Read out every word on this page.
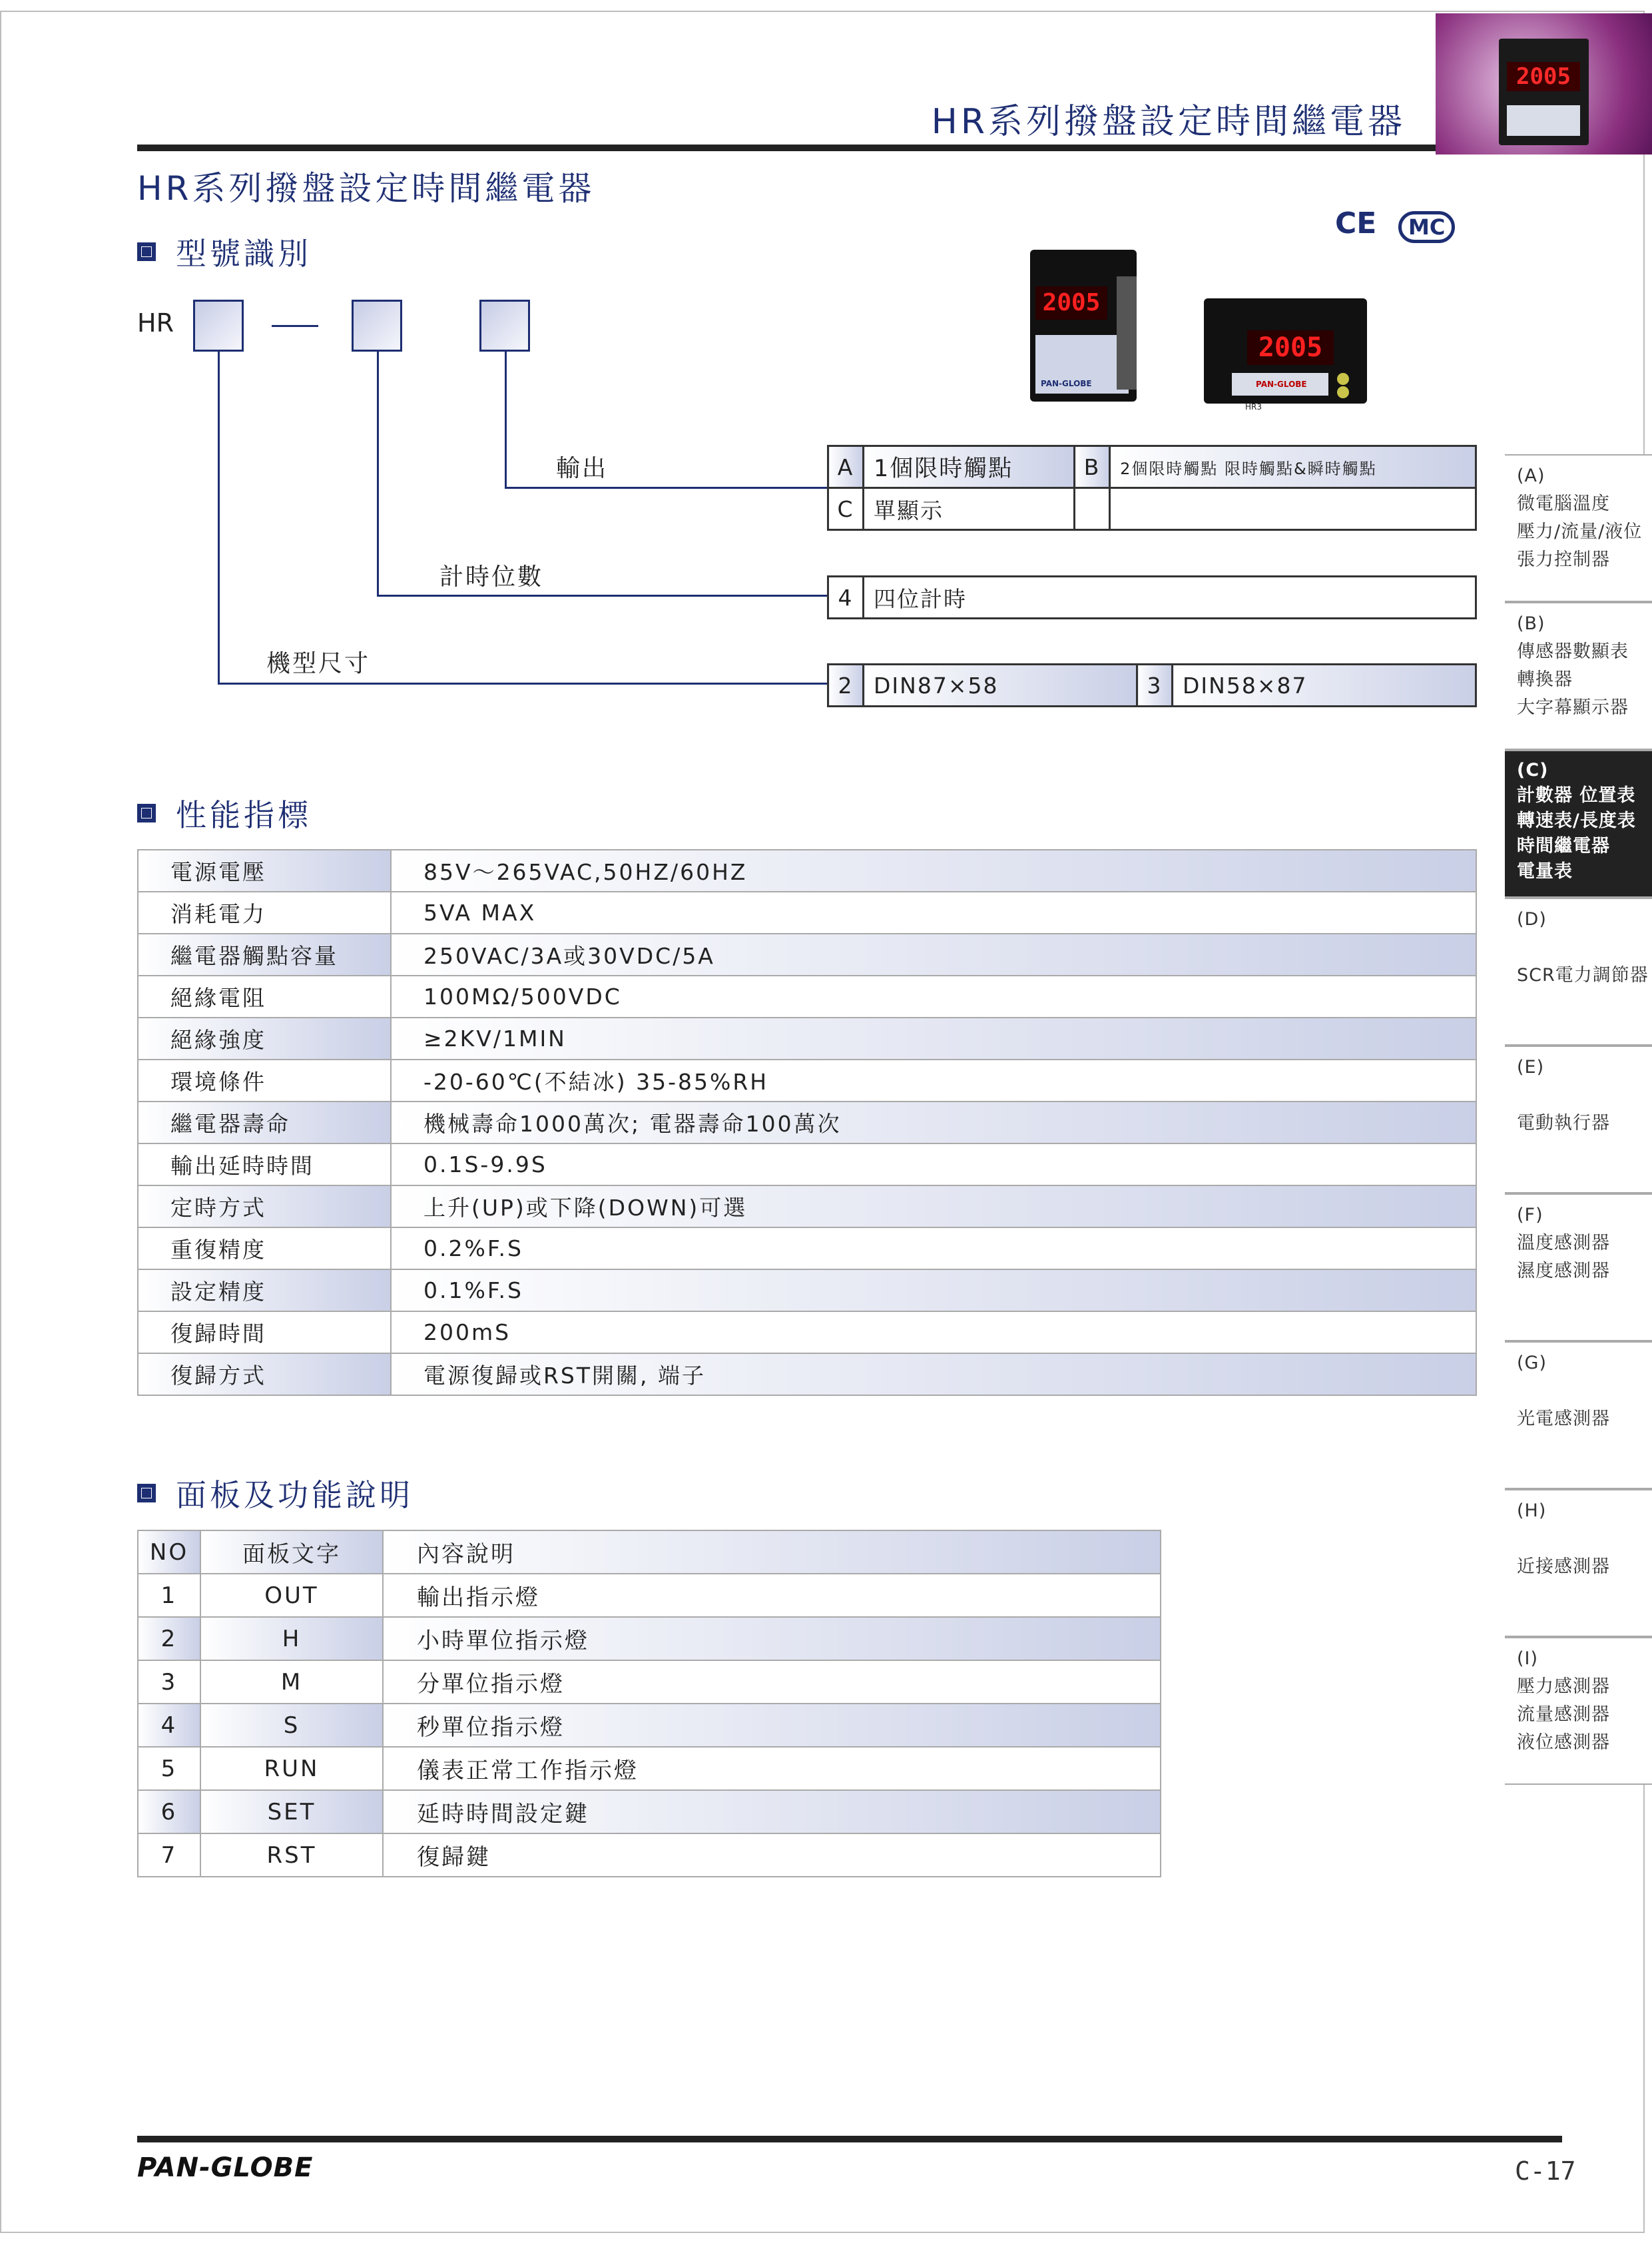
HR系列撥盤設定時間繼電器
2005
HR系列撥盤設定時間繼電器
CE	MC
型號識別
HR
輸出
計時位數
機型尺寸
A	1個限時觸點	B	2個限時觸點 限時觸點&瞬時觸點
C	單顯示		
4	四位計時
2	DIN87×58	3	DIN58×87
2005
PAN-GLOBE
2005
PAN-GLOBE HR3
性能指標
電源電壓	85V～265VAC,50HZ/60HZ
消耗電力	5VA MAX
繼電器觸點容量	250VAC/3A或30VDC/5A
絕緣電阻	100MΩ/500VDC
絕緣強度	≥2KV/1MIN
環境條件	-20-60℃(不結冰) 35-85%RH
繼電器壽命	機械壽命1000萬次; 電器壽命100萬次
輸出延時時間	0.1S-9.9S
定時方式	上升(UP)或下降(DOWN)可選
重復精度	0.2%F.S
設定精度	0.1%F.S
復歸時間	200mS
復歸方式	電源復歸或RST開關, 端子
面板及功能說明
NO	面板文字	內容說明
1	OUT	輸出指示燈
2	H	小時單位指示燈
3	M	分單位指示燈
4	S	秒單位指示燈
5	RUN	儀表正常工作指示燈
6	SET	延時時間設定鍵
7	RST	復歸鍵
(A)
微電腦溫度
壓力/流量/液位
張力控制器
(B)
傳感器數顯表
轉換器
大字幕顯示器
(C)
計數器 位置表
轉速表/長度表
時間繼電器
電量表
(D)
SCR電力調節器
(E)
電動執行器
(F)
溫度感測器
濕度感測器
(G)
光電感測器
(H)
近接感測器
(I)
壓力感測器
流量感測器
液位感測器
PAN-GLOBE	C-17
